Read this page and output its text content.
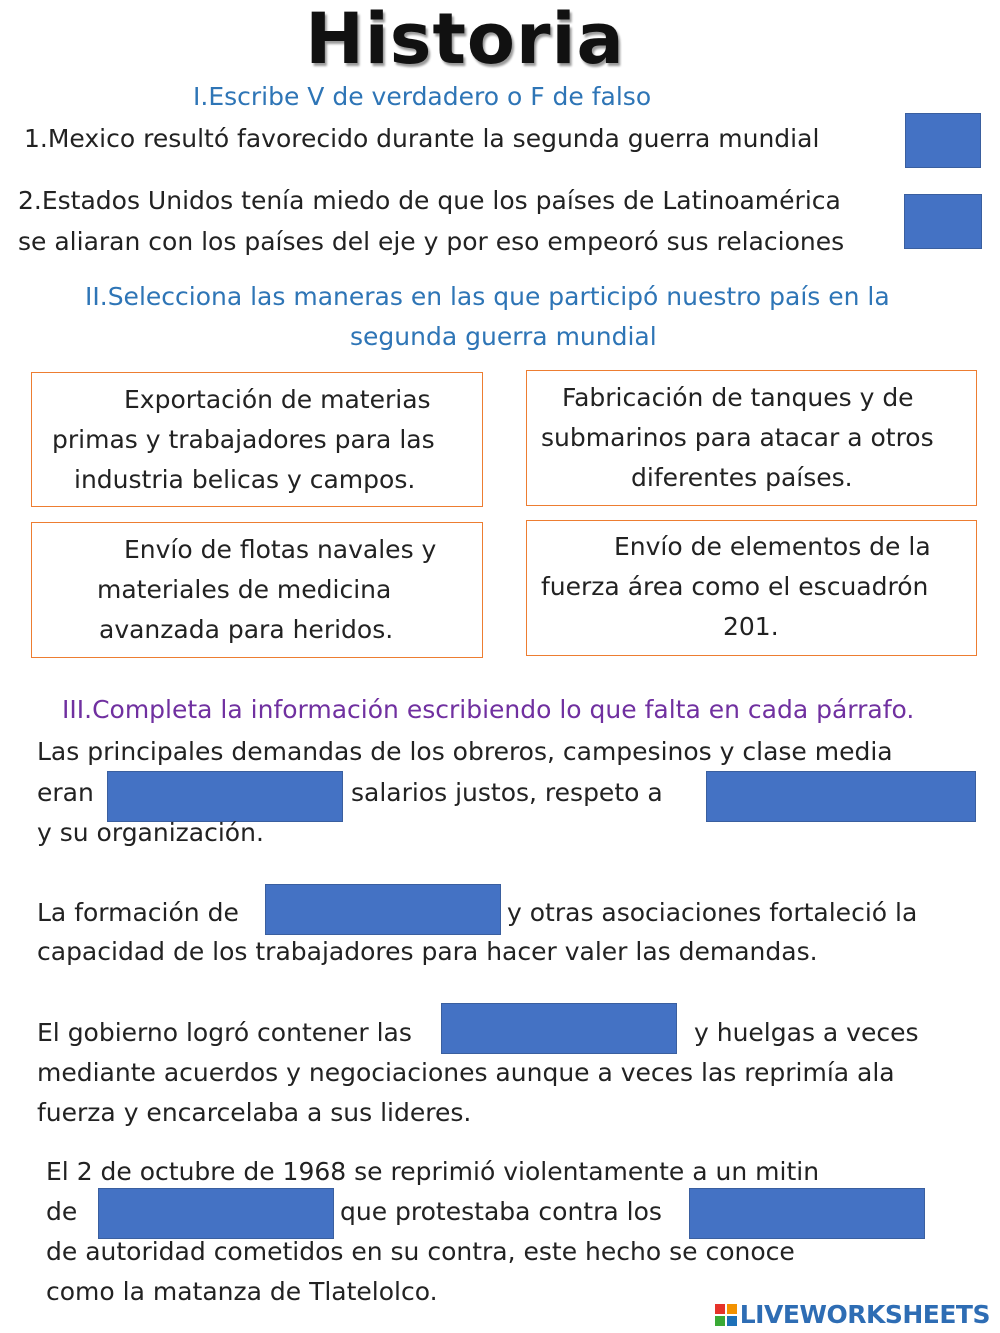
Historia
I.Escribe V de verdadero o F de falso
1.Mexico resultó favorecido durante la segunda guerra mundial
2.Estados Unidos tenía miedo de que los países de Latinoamérica
se aliaran con los países del eje y por eso empeoró sus relaciones
II.Selecciona las maneras en las que participó nuestro país en la
segunda guerra mundial
Exportación de materias
primas y trabajadores para las
industria belicas y campos.
Fabricación de tanques y de
submarinos para atacar a otros
diferentes países.
Envío de flotas navales y
materiales de medicina
avanzada para heridos.
Envío de elementos de la
fuerza área como el escuadrón
201.
III.Completa la información escribiendo lo que falta en cada párrafo.
Las principales demandas de los obreros, campesinos y clase media
eran	salarios justos, respeto a
y su organización.
La formación de	y otras asociaciones fortaleció la
capacidad de los trabajadores para hacer valer las demandas.
El gobierno logró contener las	y huelgas a veces
mediante acuerdos y negociaciones aunque a veces las reprimía ala
fuerza y encarcelaba a sus lideres.
El 2 de octubre de 1968 se reprimió violentamente a un mitin
de	que protestaba contra los
de autoridad cometidos en su contra, este hecho se conoce
como la matanza de Tlatelolco.
LIVEWORKSHEETS
